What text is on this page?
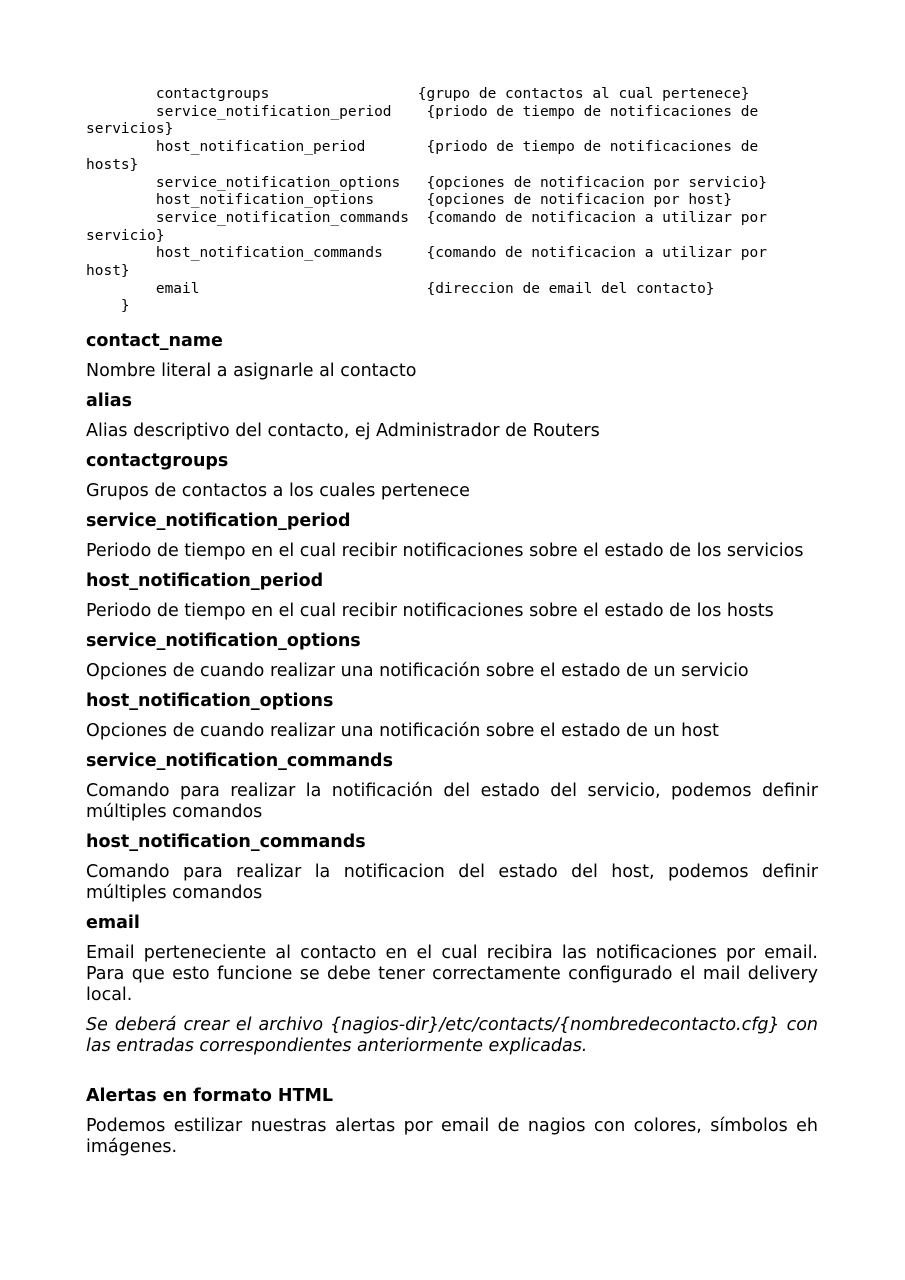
contactgroups                 {grupo de contactos al cual pertenece}
service_notification_period    {priodo de tiempo de notificaciones de
servicios}
host_notification_period       {priodo de tiempo de notificaciones de
hosts}
service_notification_options   {opciones de notificacion por servicio}
host_notification_options      {opciones de notificacion por host}
service_notification_commands  {comando de notificacion a utilizar por
servicio}
host_notification_commands     {comando de notificacion a utilizar por
host}
email                          {direccion de email del contacto}
}

contact_name

Nombre literal a asignarle al contacto

alias

Alias descriptivo del contacto, ej Administrador de Routers

contactgroups

Grupos de contactos a los cuales pertenece

service_notification_period

Periodo de tiempo en el cual recibir notificaciones sobre el estado de los servicios

host_notification_period

Periodo de tiempo en el cual recibir notificaciones sobre el estado de los hosts

service_notification_options

Opciones de cuando realizar una notificación sobre el estado de un servicio

host_notification_options

Opciones de cuando realizar una notificación sobre el estado de un host

service_notification_commands

Comando para realizar la notificación del estado del servicio, podemos definir múltiples comandos

host_notification_commands

Comando para realizar la notificacion del estado del host, podemos definir múltiples comandos

email

Email perteneciente al contacto en el cual recibira las notificaciones por email. Para que esto funcione se debe tener correctamente configurado el mail delivery local.

Se deberá crear el archivo {nagios-dir}/etc/contacts/{nombredecontacto.cfg} con las entradas correspondientes anteriormente explicadas.

Alertas en formato HTML

Podemos estilizar nuestras alertas por email de nagios con colores, símbolos eh imágenes.
